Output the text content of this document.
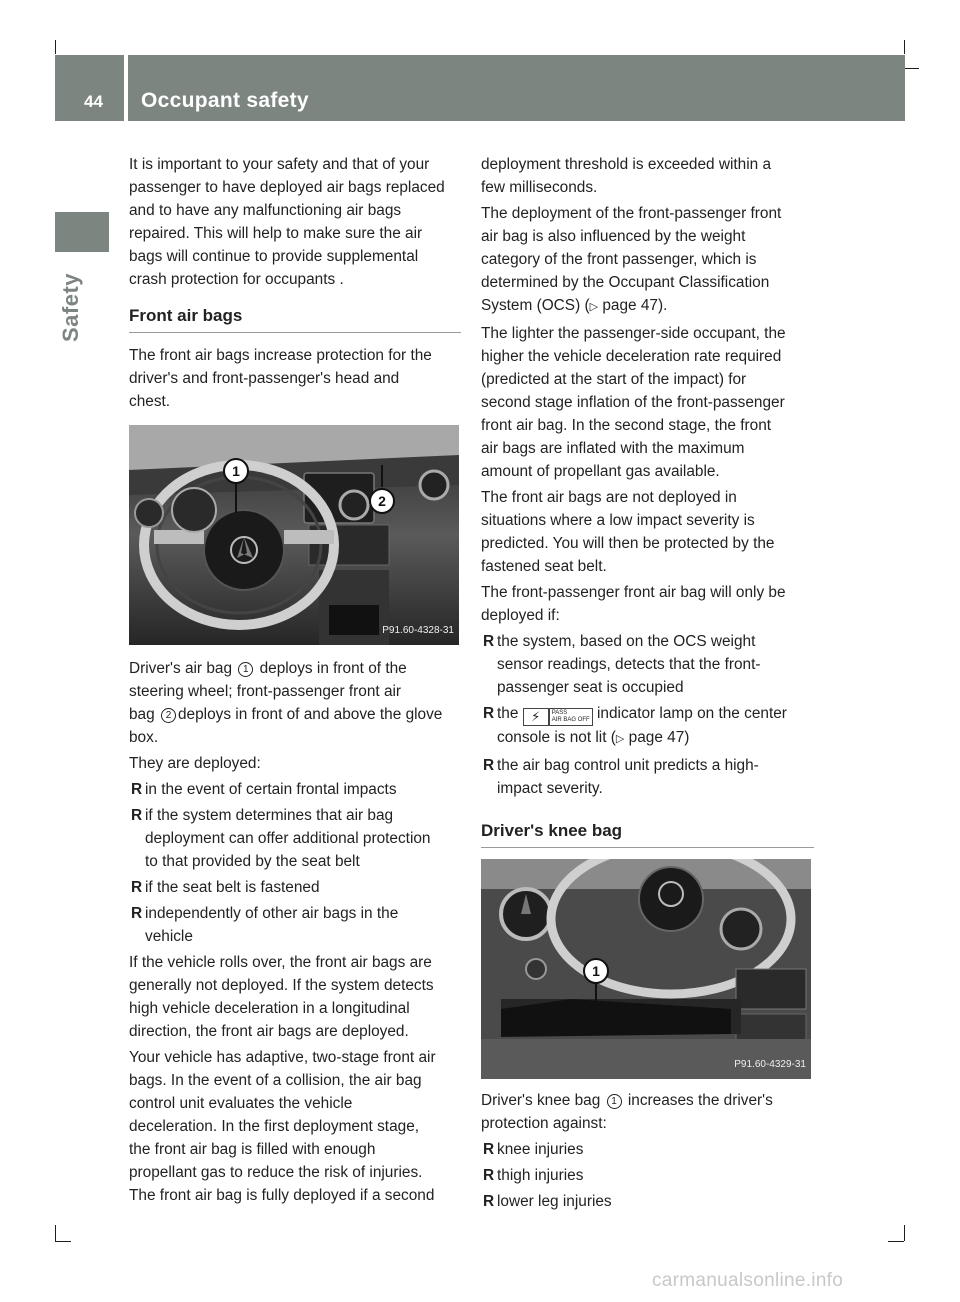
44 Occupant safety
Safety
It is important to your safety and that of your
passenger to have deployed air bags replaced
and to have any malfunctioning air bags
repaired. This will help to make sure the air
bags will continue to provide supplemental
crash protection for occupants .
Front air bags
The front air bags increase protection for the
driver's and front-passenger's head and
chest.
1
2
P91.60-4328-31
Driver's air bag 1 deploys in front of the
steering wheel; front-passenger front air
bag 2 deploys in front of and above the glove
box.
They are deployed:
R in the event of certain frontal impacts
R if the system determines that air bag
deployment can offer additional protection
to that provided by the seat belt
R if the seat belt is fastened
R independently of other air bags in the
vehicle
If the vehicle rolls over, the front air bags are
generally not deployed. If the system detects
high vehicle deceleration in a longitudinal
direction, the front air bags are deployed.
Your vehicle has adaptive, two-stage front air
bags. In the event of a collision, the air bag
control unit evaluates the vehicle
deceleration. In the first deployment stage,
the front air bag is filled with enough
propellant gas to reduce the risk of injuries.
The front air bag is fully deployed if a second
deployment threshold is exceeded within a
few milliseconds.
The deployment of the front-passenger front
air bag is also influenced by the weight
category of the front passenger, which is
determined by the Occupant Classification
System (OCS) (▷ page 47).
The lighter the passenger-side occupant, the
higher the vehicle deceleration rate required
(predicted at the start of the impact) for
second stage inflation of the front-passenger
front air bag. In the second stage, the front
air bags are inflated with the maximum
amount of propellant gas available.
The front air bags are not deployed in
situations where a low impact severity is
predicted. You will then be protected by the
fastened seat belt.
The front-passenger front air bag will only be
deployed if:
R the system, based on the OCS weight
sensor readings, detects that the front-
passenger seat is occupied
R the ⚡ PASS
AIR BAG OFF indicator lamp on the center
console is not lit (▷ page 47)
R the air bag control unit predicts a high-
impact severity.
Driver's knee bag
1
P91.60-4329-31
Driver's knee bag 1 increases the driver's
protection against:
R knee injuries
R thigh injuries
R lower leg injuries
carmanualsonline.info
